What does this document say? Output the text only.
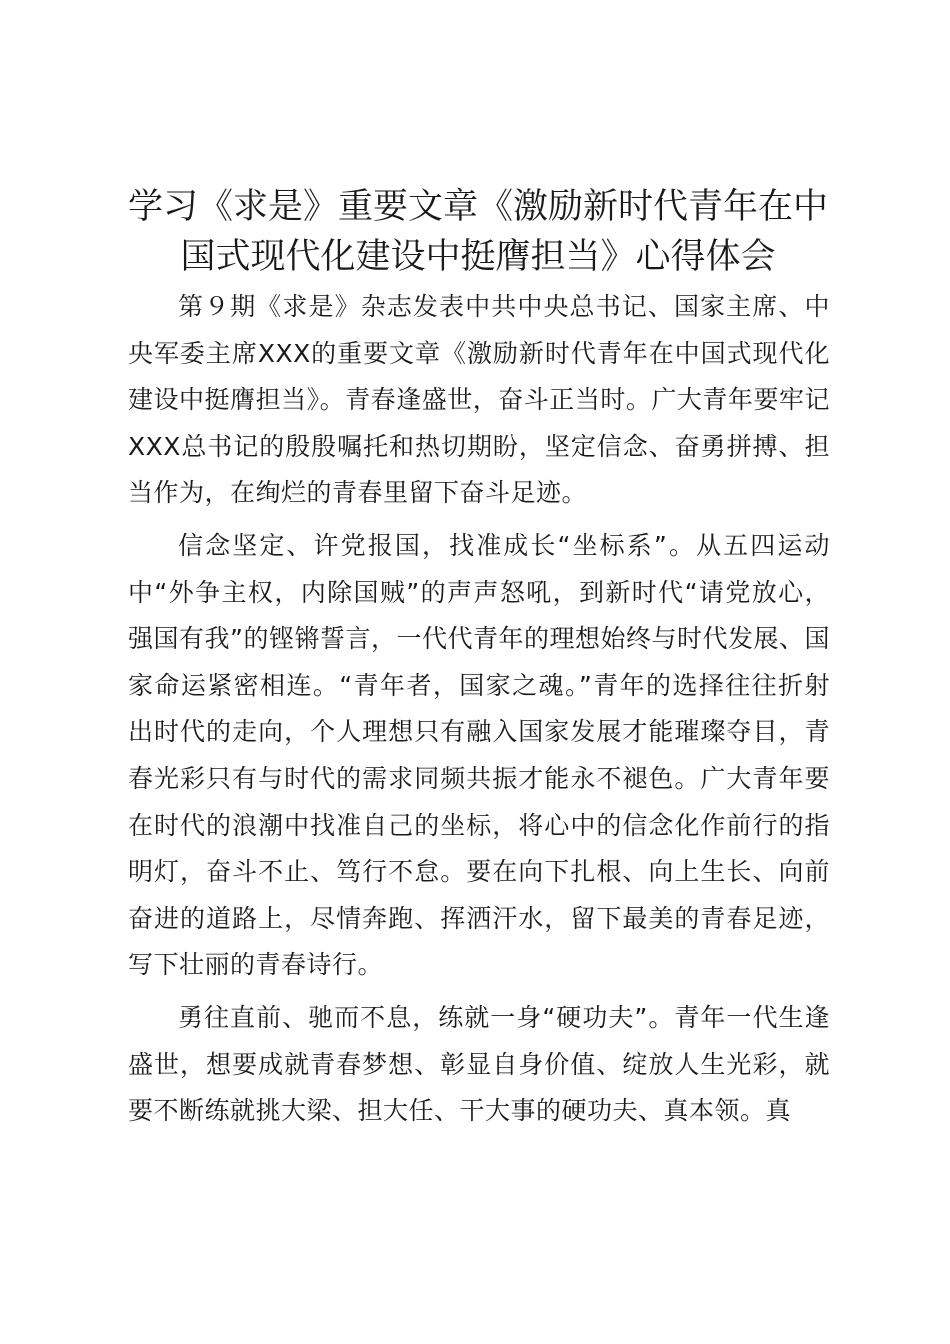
学习《求是》重要文章《激励新时代青年在中国式现代化建设中挺膺担当》心得体会

第９期《求是》杂志发表中共中央总书记、国家主席、中央军委主席XXX的重要文章《激励新时代青年在中国式现代化建设中挺膺担当》。青春逢盛世，奋斗正当时。广大青年要牢记XXX总书记的殷殷嘱托和热切期盼，坚定信念、奋勇拼搏、担当作为，在绚烂的青春里留下奋斗足迹。

信念坚定、许党报国，找准成长“坐标系”。从五四运动中“外争主权，内除国贼”的声声怒吼，到新时代“请党放心，强国有我”的铿锵誓言，一代代青年的理想始终与时代发展、国家命运紧密相连。“青年者，国家之魂。”青年的选择往往折射出时代的走向，个人理想只有融入国家发展才能璀璨夺目，青春光彩只有与时代的需求同频共振才能永不褪色。广大青年要在时代的浪潮中找准自己的坐标，将心中的信念化作前行的指明灯，奋斗不止、笃行不怠。要在向下扎根、向上生长、向前奋进的道路上，尽情奔跑、挥洒汗水，留下最美的青春足迹，写下壮丽的青春诗行。

勇往直前、驰而不息，练就一身“硬功夫”。青年一代生逢盛世，想要成就青春梦想、彰显自身价值、绽放人生光彩，就要不断练就挑大梁、担大任、干大事的硬功夫、真本领。真
